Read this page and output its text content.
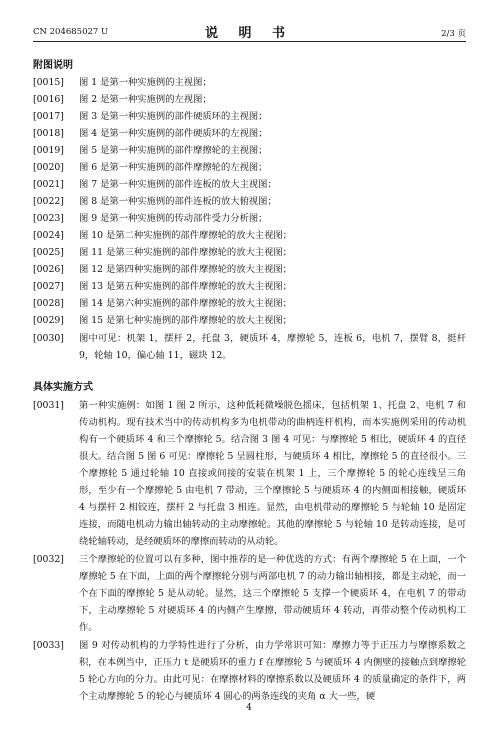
CN 204685027 U	说 明 书	2/3 页
附图说明
[0015]	图 1 是第一种实施例的主视图；
[0016]	图 2 是第一种实施例的左视图；
[0017]	图 3 是第一种实施例的部件硬质环的主视图；
[0018]	图 4 是第一种实施例的部件硬质环的左视图；
[0019]	图 5 是第一种实施例的部件摩擦轮的主视图；
[0020]	图 6 是第一种实施例的部件摩擦轮的左视图；
[0021]	图 7 是第一种实施例的部件连板的放大主视图；
[0022]	图 8 是第一种实施例的部件连板的放大俯视图；
[0023]	图 9 是第一种实施例的传动部件受力分析图；
[0024]	图 10 是第二种实施例的部件摩擦轮的放大主视图；
[0025]	图 11 是第三种实施例的部件摩擦轮的放大主视图；
[0026]	图 12 是第四种实施例的部件摩擦轮的放大主视图；
[0027]	图 13 是第五种实施例的部件摩擦轮的放大主视图；
[0028]	图 14 是第六种实施例的部件摩擦轮的放大主视图；
[0029]	图 15 是第七种实施例的部件摩擦轮的放大主视图；
[0030]	图中可见：机架 1，摆杆 2，托盘 3，硬质环 4，摩擦轮 5，连板 6，电机 7，摆臂 8，挺杆 9，轮轴 10，偏心轴 11，磁块 12。
具体实施方式
[0031]	第一种实施例：如图 1 图 2 所示，这种低耗微噪脱色摇床，包括机架 1、托盘 2、电机 7 和传动机构。现有技术当中的传动机构多为电机带动的曲柄连杆机构，而本实施例采用的传动机构有一个硬质环 4 和三个摩擦轮 5。结合图 3 图 4 可见：与摩擦轮 5 相比，硬质环 4 的直径很大。结合图 5 图 6 可见：摩擦轮 5 呈圆柱形，与硬质环 4 相比，摩擦轮 5 的直径很小。三个摩擦轮 5 通过轮轴 10 直接或间接的安装在机架 1 上，三个摩擦轮 5 的轮心连线呈三角形，至少有一个摩擦轮 5 由电机 7 带动，三个摩擦轮 5 与硬质环 4 的内侧面相接触，硬质环 4 与摆杆 2 相铰连，摆杆 2 与托盘 3 相连。显然，由电机带动的摩擦轮 5 与轮轴 10 是固定连接，而随电机动力输出轴转动的主动摩擦轮。其他的摩擦轮 5 与轮轴 10 是转动连接，是可绕轮轴转动，是经硬质环的摩擦而转动的从动轮。
[0032]	三个摩擦轮的位置可以有多种，图中推荐的是一种优选的方式：有两个摩擦轮 5 在上面，一个摩擦轮 5 在下面，上面的两个摩擦轮分别与两部电机 7 的动力输出轴相接，都是主动轮，而一个在下面的摩擦轮 5 是从动轮。显然，这三个摩擦轮 5 支撑一个硬质环 4，在电机 7 的带动下，主动摩擦轮 5 对硬质环 4 的内侧产生摩擦，带动硬质环 4 转动，再带动整个传动机构工作。
[0033]	图 9 对传动机构的力学特性进行了分析，由力学常识可知：摩擦力等于正压力与摩擦系数之积，在本例当中，正压力 t 是硬质环的重力 f 在摩擦轮 5 与硬质环 4 内侧壁的接触点到摩擦轮 5 轮心方向的分力。由此可见：在摩擦材料的摩擦系数以及硬质环 4 的质量确定的条件下，两个主动摩擦轮 5 的轮心与硬质环 4 圆心的两条连线的夹角 α 大一些，硬
4
